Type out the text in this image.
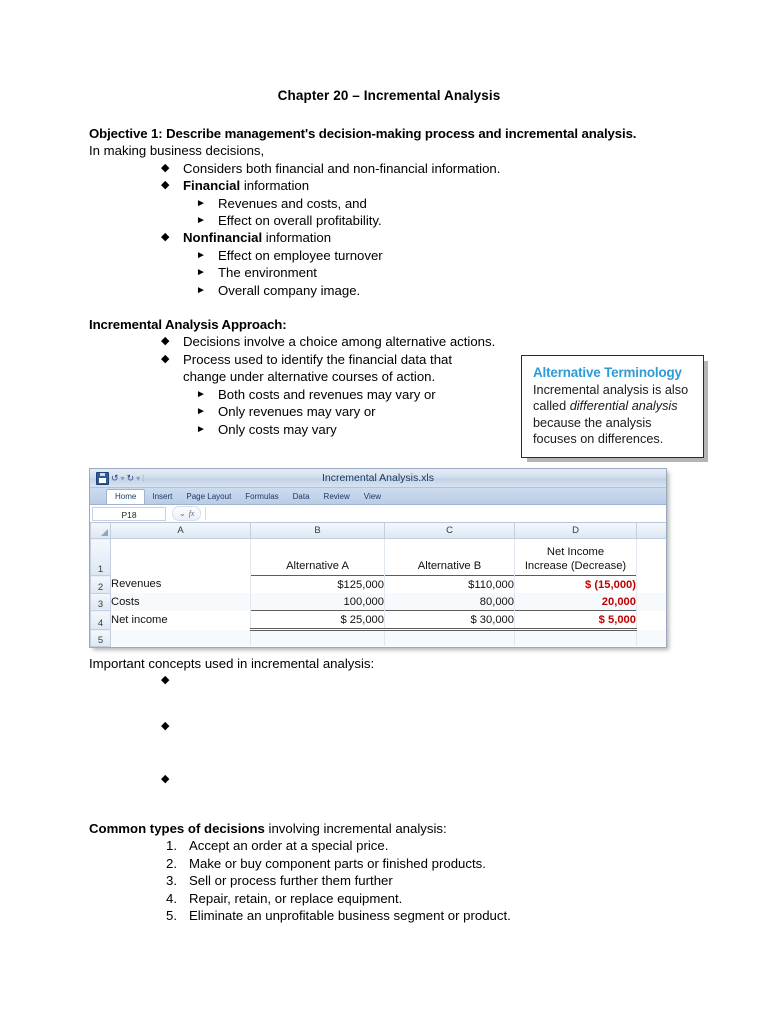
Chapter 20 – Incremental Analysis
Objective 1: Describe management's decision-making process and incremental analysis.
In making business decisions,
◆ Considers both financial and non-financial information.
◆ Financial information
► Revenues and costs, and
► Effect on overall profitability.
◆ Nonfinancial information
► Effect on employee turnover
► The environment
► Overall company image.
Incremental Analysis Approach:
◆ Decisions involve a choice among alternative actions.
◆ Process used to identify the financial data that
change under alternative courses of action.
► Both costs and revenues may vary or
► Only revenues may vary or
► Only costs may vary
Alternative Terminology
Incremental analysis is also called differential analysis because the analysis focuses on differences.
↺ ▾ ↻ ▾ ⁞	Incremental Analysis.xls
Home	Insert	Page Layout	Formulas	Data	Review	View
P18	⌄ fx
	A	B	C	D	
1		Alternative A	Alternative B	Net Income
Increase (Decrease)	

2	Revenues	$125,000	$110,000	$ (15,000)	
3	Costs	100,000	80,000	20,000	
4	Net income	$ 25,000	$ 30,000	$ 5,000	
5					
Important concepts used in incremental analysis:
◆
◆
◆
Common types of decisions involving incremental analysis:
Accept an order at a special price.
Make or buy component parts or finished products.
Sell or process further them further
Repair, retain, or replace equipment.
Eliminate an unprofitable business segment or product.
